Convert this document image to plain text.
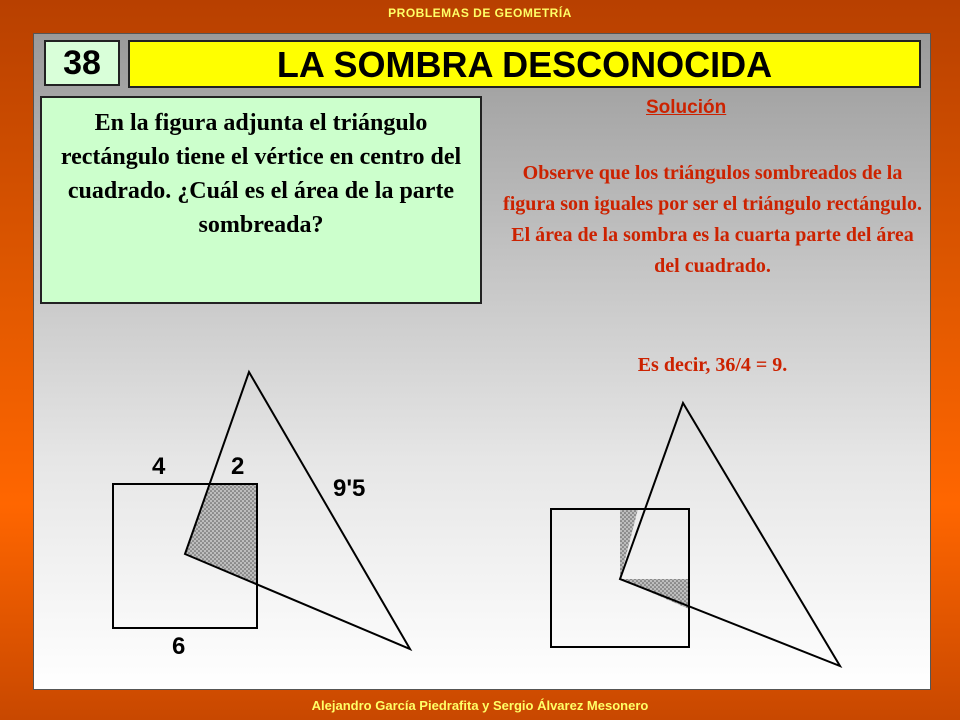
PROBLEMAS DE GEOMETRÍA
38	LA SOMBRA DESCONOCIDA
En la figura adjunta el triángulo rectángulo tiene el vértice en centro del cuadrado. ¿Cuál es el área de la parte sombreada?
Solución
Observe que los triángulos sombreados de la figura son iguales por ser el triángulo rectángulo. El área de la sombra es la cuarta parte del área del cuadrado.
Es decir, 36/4 = 9.
4	2
9'5
6
Alejandro García Piedrafita y Sergio Álvarez Mesonero
